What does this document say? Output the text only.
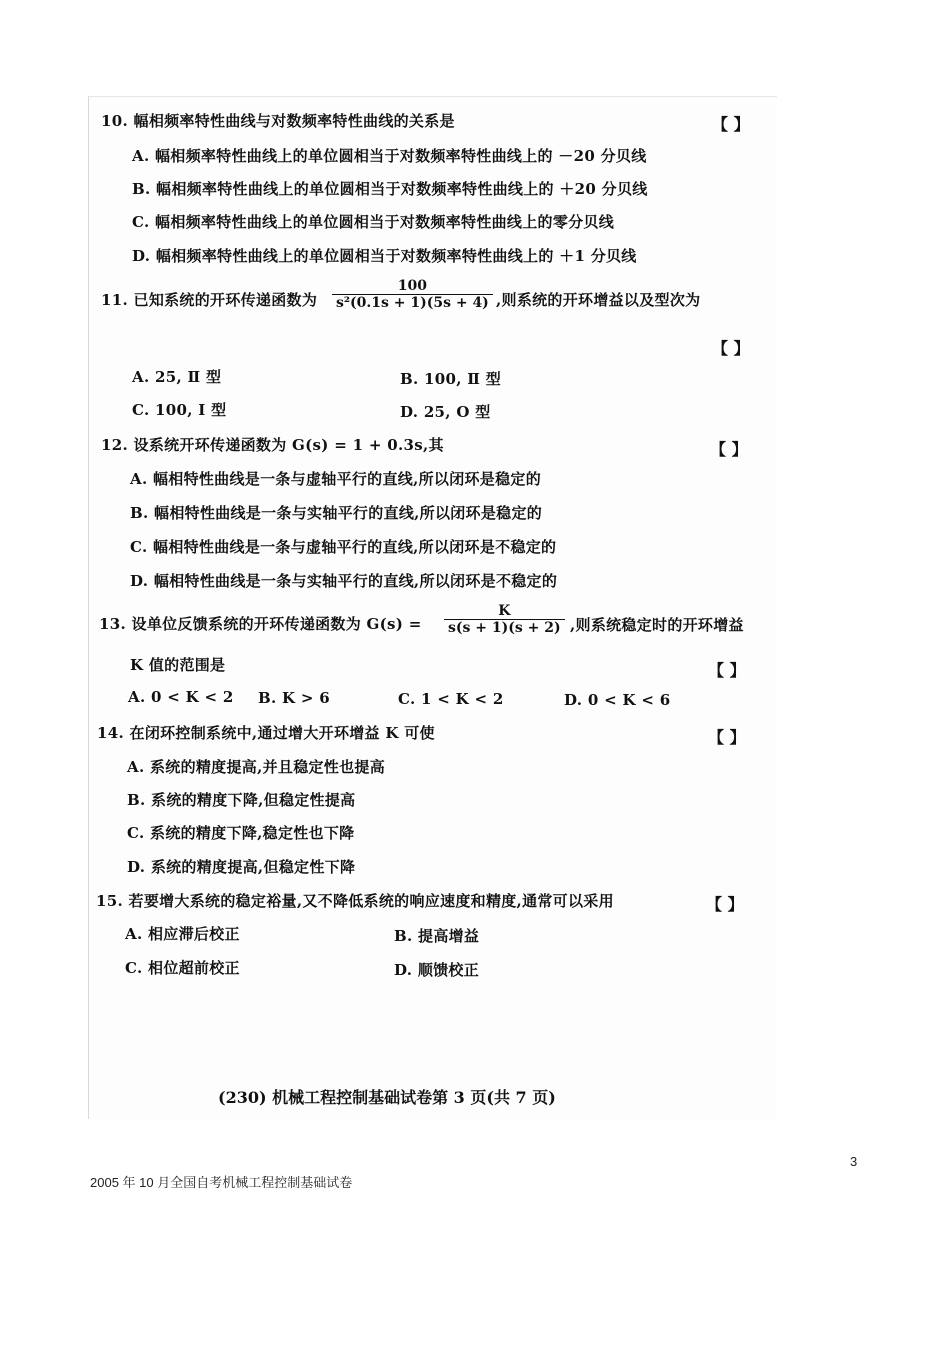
10. 幅相频率特性曲线与对数频率特性曲线的关系是	【 】
A. 幅相频率特性曲线上的单位圆相当于对数频率特性曲线上的 －20 分贝线
B. 幅相频率特性曲线上的单位圆相当于对数频率特性曲线上的 ＋20 分贝线
C. 幅相频率特性曲线上的单位圆相当于对数频率特性曲线上的零分贝线
D. 幅相频率特性曲线上的单位圆相当于对数频率特性曲线上的 ＋1 分贝线
11. 已知系统的开环传递函数为 $\frac{100}{\text{s²(0.1s + 1)(5s + 4)}}$ ,则系统的开环增益以及型次为
【 】
A. 25, Ⅱ 型	B. 100, Ⅱ 型
C. 100, Ⅰ 型	D. 25, O 型
12. 设系统开环传递函数为 G(s) = 1 + 0.3s,其	【 】
A. 幅相特性曲线是一条与虚轴平行的直线,所以闭环是稳定的
B. 幅相特性曲线是一条与实轴平行的直线,所以闭环是稳定的
C. 幅相特性曲线是一条与虚轴平行的直线,所以闭环是不稳定的
D. 幅相特性曲线是一条与实轴平行的直线,所以闭环是不稳定的
13. 设单位反馈系统的开环传递函数为 $G(s) = \frac{K}{s(s + 1)(s + 2)}$ ,则系统稳定时的开环增益
K 值的范围是	【 】
A. 0 < K < 2 B. K > 6	C. 1 < K < 2	D. 0 < K < 6
14. 在闭环控制系统中,通过增大开环增益 K 可使	【 】
A. 系统的精度提高,并且稳定性也提高
B. 系统的精度下降,但稳定性提高
C. 系统的精度下降,稳定性也下降
D. 系统的精度提高,但稳定性下降
15. 若要增大系统的稳定裕量,又不降低系统的响应速度和精度,通常可以采用	【 】
A. 相应滞后校正	B. 提高增益
C. 相位超前校正	D. 顺馈校正
(230) 机械工程控制基础试卷第 3 页(共 7 页)
3
2005 年 10 月全国自考机械工程控制基础试卷
